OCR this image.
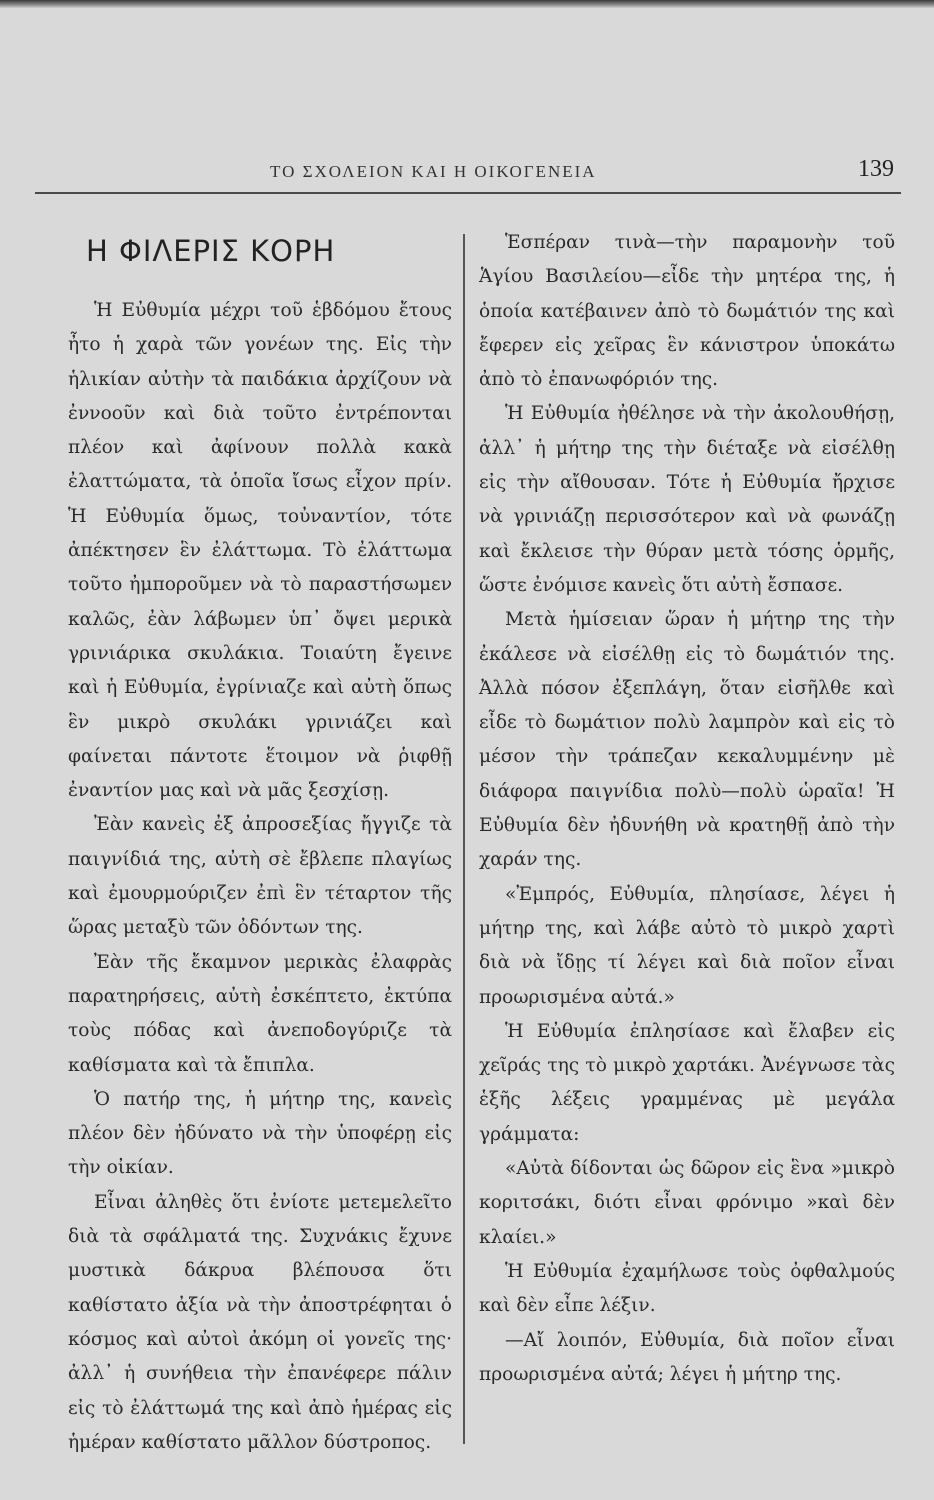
ΤΟ ΣΧΟΛΕΙΟΝ ΚΑΙ Η ΟΙΚΟΓΕΝΕΙΑ	139
Η ΦΙΛΕΡΙΣ ΚΟΡΗ

Ἡ Εὐθυμία μέχρι τοῦ ἑβδόμου ἔτους ἦτο ἡ χαρὰ τῶν γονέων της. Εἰς τὴν ἡλικίαν αὐτὴν τὰ παιδάκια ἀρχίζουν νὰ ἐννοοῦν καὶ διὰ τοῦτο ἐντρέπονται πλέον καὶ ἀφίνουν πολλὰ κακὰ ἐλαττώματα, τὰ ὁποῖα ἴσως εἶχον πρίν. Ἡ Εὐθυμία ὅμως, τοὐναντίον, τότε ἀπέκτησεν ἓν ἐλάττωμα. Τὸ ἐλάττωμα τοῦτο ἠμποροῦμεν νὰ τὸ παραστήσωμεν καλῶς, ἐὰν λάβωμεν ὑπ᾽ ὄψει μερικὰ γρινιάρικα σκυλάκια. Τοιαύτη ἔγεινε καὶ ἡ Εὐθυμία, ἐγρίνιαζε καὶ αὐτὴ ὅπως ἓν μικρὸ σκυλάκι γρινιάζει καὶ φαίνεται πάντοτε ἕτοιμον νὰ ῥιφθῇ ἐναντίον μας καὶ νὰ μᾶς ξεσχίσῃ.

Ἐὰν κανεὶς ἐξ ἀπροσεξίας ἤγγιζε τὰ παιγνίδιά της, αὐτὴ σὲ ἔβλεπε πλαγίως καὶ ἐμουρμούριζεν ἐπὶ ἓν τέταρτον τῆς ὥρας μεταξὺ τῶν ὀδόντων της.

Ἐὰν τῆς ἔκαμνον μερικὰς ἐλαφρὰς παρατηρήσεις, αὐτὴ ἐσκέπτετο, ἐκτύπα τοὺς πόδας καὶ ἀνεποδογύριζε τὰ καθίσματα καὶ τὰ ἔπιπλα.

Ὁ πατήρ της, ἡ μήτηρ της, κανεὶς πλέον δὲν ἠδύνατο νὰ τὴν ὑποφέρῃ εἰς τὴν οἰκίαν.

Εἶναι ἀληθὲς ὅτι ἐνίοτε μετεμελεῖτο διὰ τὰ σφάλματά της. Συχνάκις ἔχυνε μυστικὰ δάκρυα βλέπουσα ὅτι καθίστατο ἀξία νὰ τὴν ἀποστρέφηται ὁ κόσμος καὶ αὐτοὶ ἀκόμη οἱ γονεῖς της· ἀλλ᾽ ἡ συνήθεια τὴν ἐπανέφερε πάλιν εἰς τὸ ἐλάττωμά της καὶ ἀπὸ ἡμέρας εἰς ἡμέραν καθίστατο μᾶλλον δύστροπος.

Ἑσπέραν τινὰ—τὴν παραμονὴν τοῦ Ἁγίου Βασιλείου—εἶδε τὴν μητέρα της, ἡ ὁποία κατέβαινεν ἀπὸ τὸ δωμάτιόν της καὶ ἔφερεν εἰς χεῖρας ἓν κάνιστρον ὑποκάτω ἀπὸ τὸ ἐπανωφόριόν της.

Ἡ Εὐθυμία ἠθέλησε νὰ τὴν ἀκολουθήσῃ, ἀλλ᾽ ἡ μήτηρ της τὴν διέταξε νὰ εἰσέλθῃ εἰς τὴν αἴθουσαν. Τότε ἡ Εὐθυμία ἤρχισε νὰ γρινιάζῃ περισσότερον καὶ νὰ φωνάζῃ καὶ ἔκλεισε τὴν θύραν μετὰ τόσης ὁρμῆς, ὥστε ἐνόμισε κανεὶς ὅτι αὐτὴ ἔσπασε.

Μετὰ ἡμίσειαν ὥραν ἡ μήτηρ της τὴν ἐκάλεσε νὰ εἰσέλθῃ εἰς τὸ δωμάτιόν της. Ἀλλὰ πόσον ἐξεπλάγη, ὅταν εἰσῆλθε καὶ εἶδε τὸ δωμάτιον πολὺ λαμπρὸν καὶ εἰς τὸ μέσον τὴν τράπεζαν κεκαλυμμένην μὲ διάφορα παιγνίδια πολὺ—πολὺ ὡραῖα! Ἡ Εὐθυμία δὲν ἠδυνήθη νὰ κρατηθῇ ἀπὸ τὴν χαράν της.

«Ἐμπρός, Εὐθυμία, πλησίασε, λέγει ἡ μήτηρ της, καὶ λάβε αὐτὸ τὸ μικρὸ χαρτὶ διὰ νὰ ἴδῃς τί λέγει καὶ διὰ ποῖον εἶναι προωρισμένα αὐτά.»

Ἡ Εὐθυμία ἐπλησίασε καὶ ἔλαβεν εἰς χεῖράς της τὸ μικρὸ χαρτάκι. Ἀνέγνωσε τὰς ἑξῆς λέξεις γραμμένας μὲ μεγάλα γράμματα:

«Αὐτὰ δίδονται ὡς δῶρον εἰς ἓνα »μικρὸ κοριτσάκι, διότι εἶναι φρόνιμο »καὶ δὲν κλαίει.»

Ἡ Εὐθυμία ἐχαμήλωσε τοὺς ὀφθαλμούς καὶ δὲν εἶπε λέξιν.

—Αἴ λοιπόν, Εὐθυμία, διὰ ποῖον εἶναι προωρισμένα αὐτά; λέγει ἡ μήτηρ της.
